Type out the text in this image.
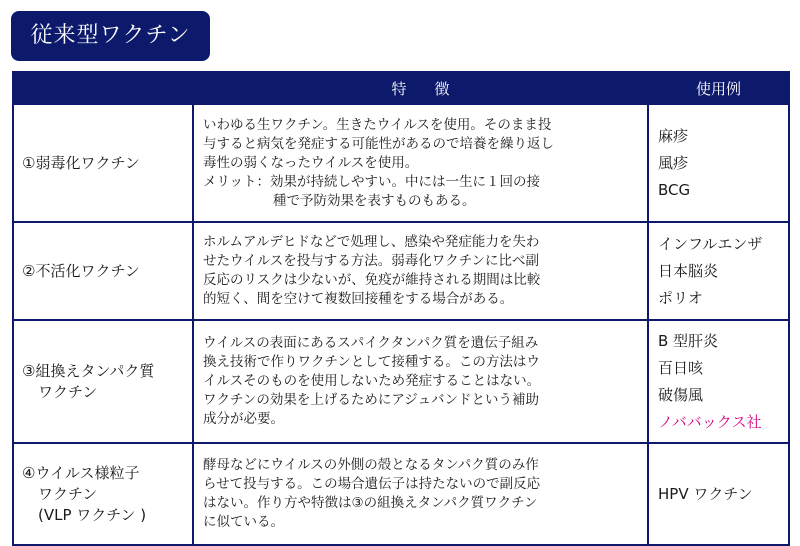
従来型ワクチン
	特徴	使用例

①弱毒化ワクチン	いわゆる生ワクチン。生きたウイルスを使用。そのまま投
与すると病気を発症する可能性があるので培養を繰り返し
毒性の弱くなったウイルスを使用。
メリット：効果が持続しやすい。中には一生に１回の接
種で予防効果を表すものもある。	麻疹
風疹
BCG

②不活化ワクチン	ホルムアルデヒドなどで処理し、感染や発症能力を失わ
せたウイルスを投与する方法。弱毒化ワクチンに比べ副
反応のリスクは少ないが、免疫が維持される期間は比較
的短く、間を空けて複数回接種をする場合がある。	インフルエンザ
日本脳炎
ポリオ

③組換えタンパク質
ワクチン	ウイルスの表面にあるスパイクタンパク質を遺伝子組み
換え技術で作りワクチンとして接種する。この方法はウ
イルスそのものを使用しないため発症することはない。
ワクチンの効果を上げるためにアジュバンドという補助
成分が必要。	B 型肝炎
百日咳
破傷風
ノババックス社

④ウイルス様粒子
ワクチン
(VLP ワクチン )	酵母などにウイルスの外側の殻となるタンパク質のみ作
らせて投与する。この場合遺伝子は持たないので副反応
はない。作り方や特徴は③の組換えタンパク質ワクチン
に似ている。	HPV ワクチン
